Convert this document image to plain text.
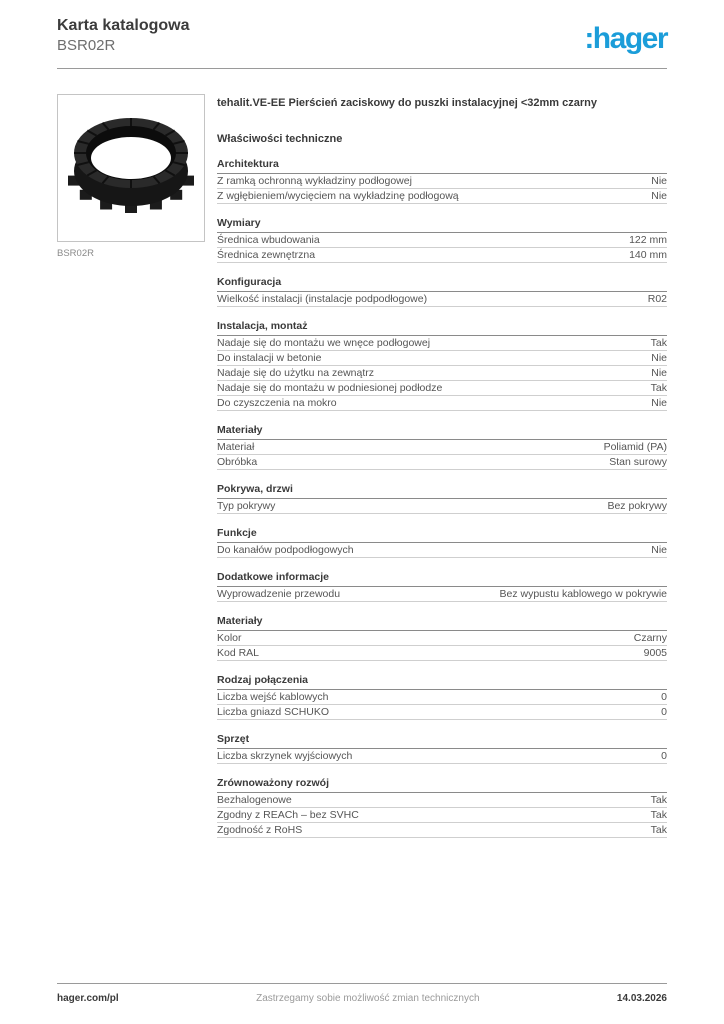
Karta katalogowa
BSR02R	:hager
BSR02R
tehalit.VE-EE Pierścień zaciskowy do puszki instalacyjnej <32mm czarny
Właściwości techniczne
Architektura
Z ramką ochronną wykładziny podłogowej	Nie
Z wgłębieniem/wycięciem na wykładzinę podłogową	Nie
Wymiary
Średnica wbudowania	122 mm
Średnica zewnętrzna	140 mm
Konfiguracja
Wielkość instalacji (instalacje podpodłogowe)	R02
Instalacja, montaż
Nadaje się do montażu we wnęce podłogowej	Tak
Do instalacji w betonie	Nie
Nadaje się do użytku na zewnątrz	Nie
Nadaje się do montażu w podniesionej podłodze	Tak
Do czyszczenia na mokro	Nie
Materiały
Materiał	Poliamid (PA)
Obróbka	Stan surowy
Pokrywa, drzwi
Typ pokrywy	Bez pokrywy
Funkcje
Do kanałów podpodłogowych	Nie
Dodatkowe informacje
Wyprowadzenie przewodu	Bez wypustu kablowego w pokrywie
Materiały
Kolor	Czarny
Kod RAL	9005
Rodzaj połączenia
Liczba wejść kablowych	0
Liczba gniazd SCHUKO	0
Sprzęt
Liczba skrzynek wyjściowych	0
Zrównoważony rozwój
Bezhalogenowe	Tak
Zgodny z REACh – bez SVHC	Tak
Zgodność z RoHS	Tak
hager.com/pl	Zastrzegamy sobie możliwość zmian technicznych	14.03.2026
